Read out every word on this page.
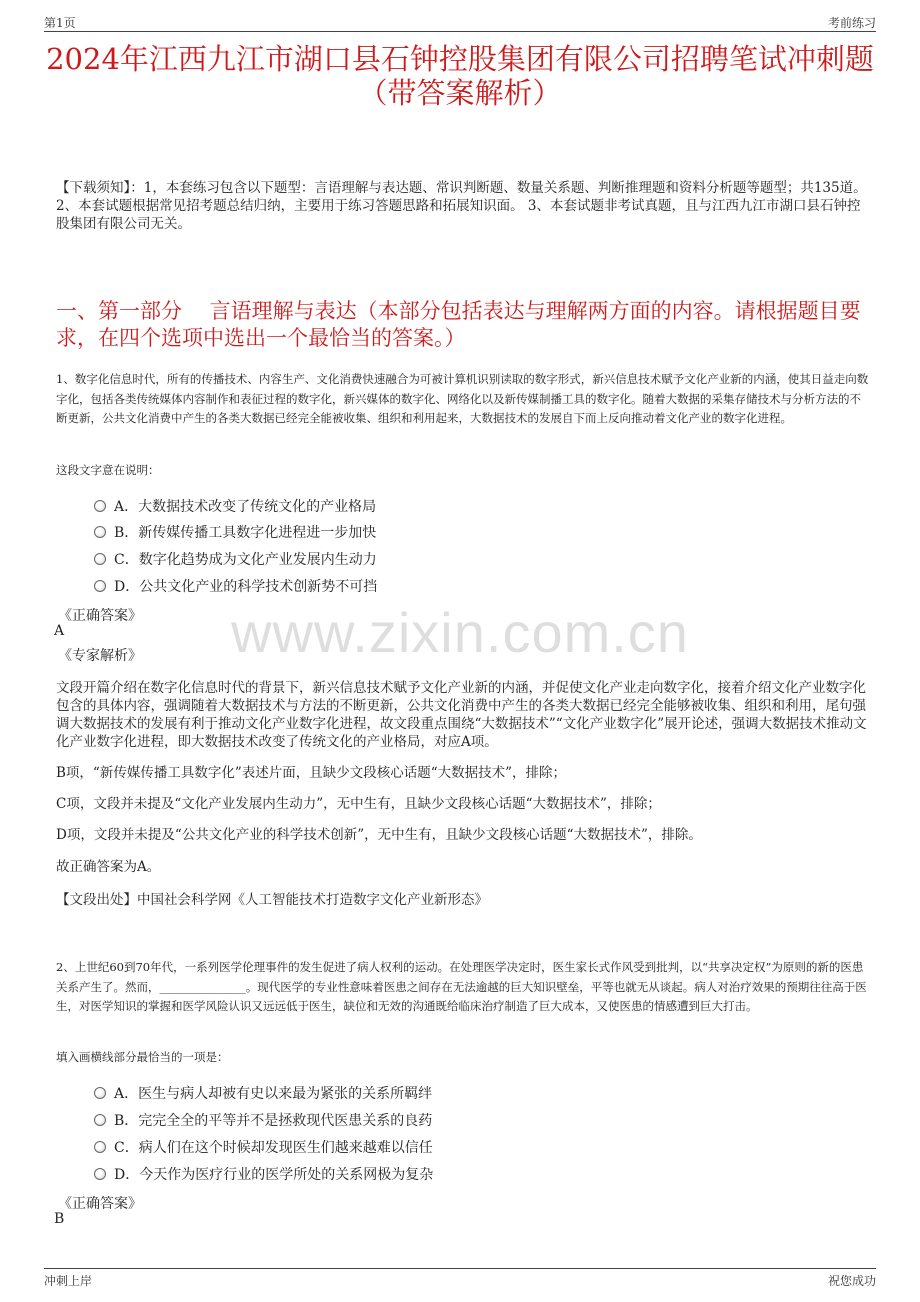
第1页	考前练习
2024年江西九江市湖口县石钟控股集团有限公司招聘笔试冲刺题（带答案解析）
【下载须知】：1，本套练习包含以下题型：言语理解与表达题、常识判断题、数量关系题、判断推理题和资料分析题等题型；共135道。 2、本套试题根据常见招考题总结归纳，主要用于练习答题思路和拓展知识面。 3、本套试题非考试真题，且与江西九江市湖口县石钟控股集团有限公司无关。
一、第一部分　 言语理解与表达（本部分包括表达与理解两方面的内容。请根据题目要求，在四个选项中选出一个最恰当的答案。）
www.zixin.com.cn
1、数字化信息时代，所有的传播技术、内容生产、文化消费快速融合为可被计算机识别读取的数字形式，新兴信息技术赋予文化产业新的内涵，使其日益走向数字化，包括各类传统媒体内容制作和表征过程的数字化，新兴媒体的数字化、网络化以及新传媒制播工具的数字化。随着大数据的采集存储技术与分析方法的不断更新，公共文化消费中产生的各类大数据已经完全能被收集、组织和利用起来，大数据技术的发展自下而上反向推动着文化产业的数字化进程。
这段文字意在说明：
A．大数据技术改变了传统文化的产业格局
B．新传媒传播工具数字化进程进一步加快
C．数字化趋势成为文化产业发展内生动力
D．公共文化产业的科学技术创新势不可挡
《正确答案》
A
《专家解析》
文段开篇介绍在数字化信息时代的背景下，新兴信息技术赋予文化产业新的内涵，并促使文化产业走向数字化，接着介绍文化产业数字化包含的具体内容，强调随着大数据技术与方法的不断更新，公共文化消费中产生的各类大数据已经完全能够被收集、组织和利用，尾句强调大数据技术的发展有利于推动文化产业数字化进程，故文段重点围绕“大数据技术”“文化产业数字化”展开论述，强调大数据技术推动文化产业数字化进程，即大数据技术改变了传统文化的产业格局，对应A项。
B项，“新传媒传播工具数字化”表述片面，且缺少文段核心话题“大数据技术”，排除；
C项，文段并未提及“文化产业发展内生动力”，无中生有，且缺少文段核心话题“大数据技术”，排除；
D项，文段并未提及“公共文化产业的科学技术创新”，无中生有，且缺少文段核心话题“大数据技术”，排除。
故正确答案为A。
【文段出处】中国社会科学网《人工智能技术打造数字文化产业新形态》
2、上世纪60到70年代，一系列医学伦理事件的发生促进了病人权利的运动。在处理医学决定时，医生家长式作风受到批判，以“共享决定权”为原则的新的医患关系产生了。然而，_______________。现代医学的专业性意味着医患之间存在无法逾越的巨大知识壁垒，平等也就无从谈起。病人对治疗效果的预期往往高于医生，对医学知识的掌握和医学风险认识又远远低于医生，缺位和无效的沟通既给临床治疗制造了巨大成本，又使医患的情感遭到巨大打击。
填入画横线部分最恰当的一项是：
A．医生与病人却被有史以来最为紧张的关系所羁绊
B．完完全全的平等并不是拯救现代医患关系的良药
C．病人们在这个时候却发现医生们越来越难以信任
D．今天作为医疗行业的医学所处的关系网极为复杂
《正确答案》
B
冲刺上岸	祝您成功
